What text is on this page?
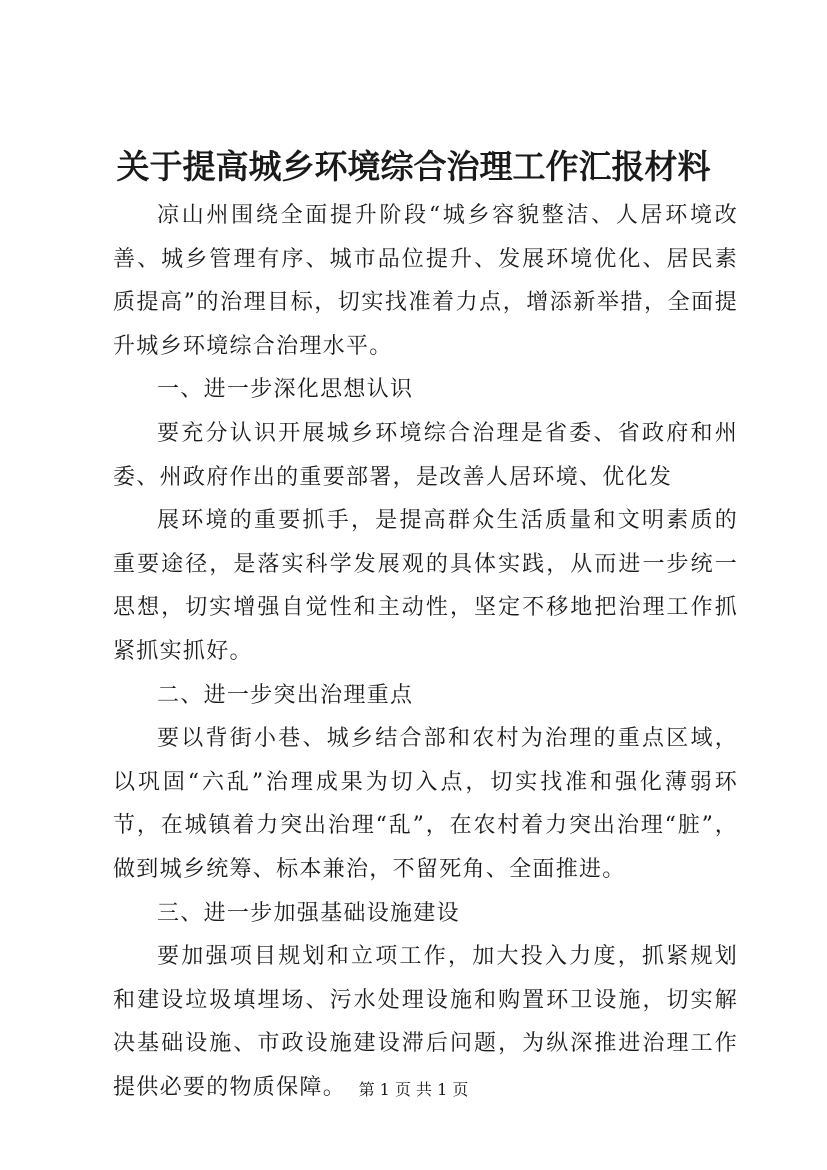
关于提高城乡环境综合治理工作汇报材料

凉山州围绕全面提升阶段“城乡容貌整洁、人居环境改善、城乡管理有序、城市品位提升、发展环境优化、居民素质提高”的治理目标，切实找准着力点，增添新举措，全面提升城乡环境综合治理水平。

一、进一步深化思想认识

要充分认识开展城乡环境综合治理是省委、省政府和州委、州政府作出的重要部署，是改善人居环境、优化发

展环境的重要抓手，是提高群众生活质量和文明素质的重要途径，是落实科学发展观的具体实践，从而进一步统一思想，切实增强自觉性和主动性，坚定不移地把治理工作抓紧抓实抓好。

二、进一步突出治理重点

要以背街小巷、城乡结合部和农村为治理的重点区域，以巩固“六乱”治理成果为切入点，切实找准和强化薄弱环节，在城镇着力突出治理“乱”，在农村着力突出治理“脏”，做到城乡统筹、标本兼治，不留死角、全面推进。

三、进一步加强基础设施建设

要加强项目规划和立项工作，加大投入力度，抓紧规划和建设垃圾填埋场、污水处理设施和购置环卫设施，切实解决基础设施、市政设施建设滞后问题，为纵深推进治理工作提供必要的物质保障。 第 1 页 共 1 页
